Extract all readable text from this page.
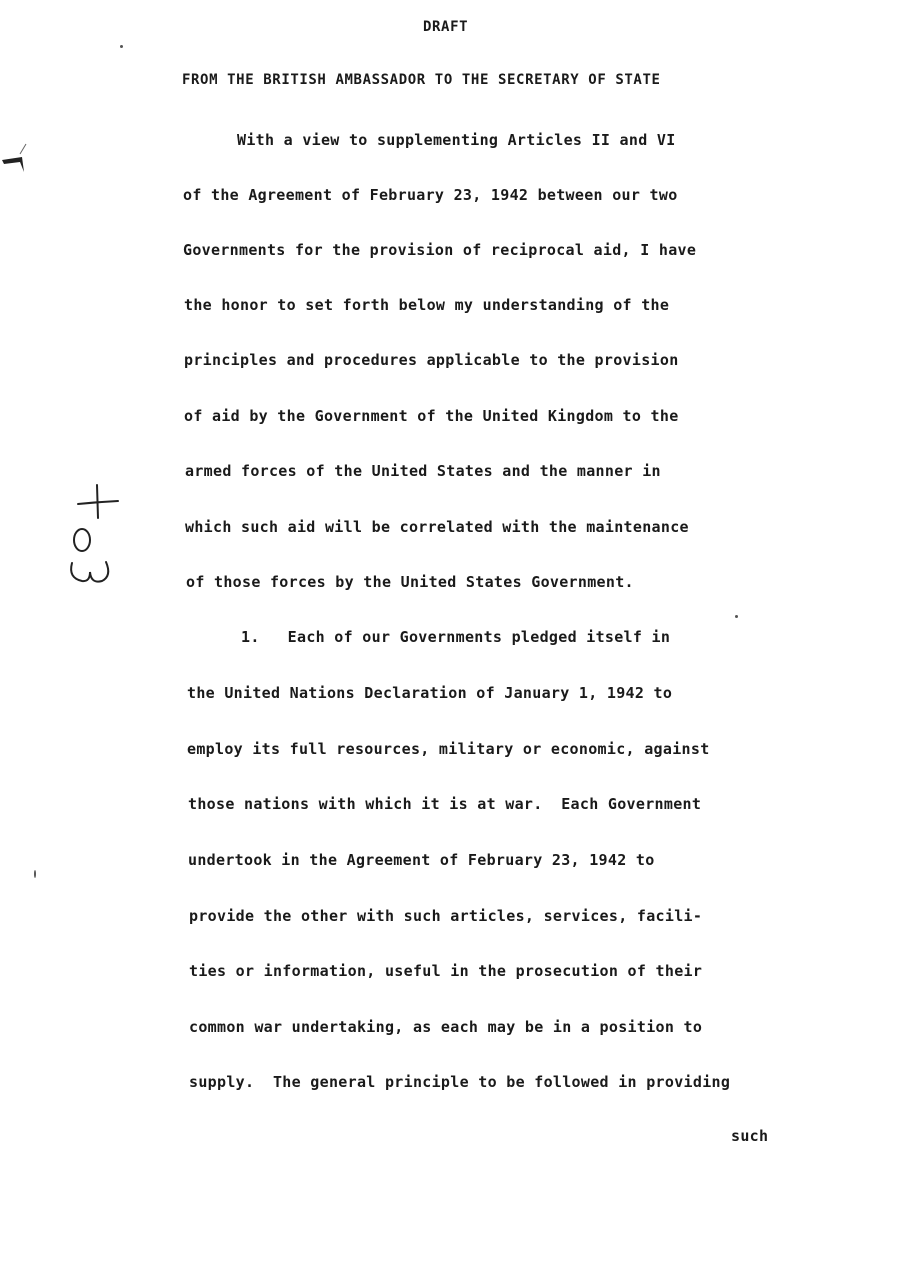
DRAFT
FROM THE BRITISH AMBASSADOR TO THE SECRETARY OF STATE
With a view to supplementing Articles II and VI
of the Agreement of February 23, 1942 between our two
Governments for the provision of reciprocal aid, I have
the honor to set forth below my understanding of the
principles and procedures applicable to the provision
of aid by the Government of the United Kingdom to the
armed forces of the United States and the manner in
which such aid will be correlated with the maintenance
of those forces by the United States Government.
1.   Each of our Governments pledged itself in
the United Nations Declaration of January 1, 1942 to
employ its full resources, military or economic, against
those nations with which it is at war.  Each Government
undertook in the Agreement of February 23, 1942 to
provide the other with such articles, services, facili-
ties or information, useful in the prosecution of their
common war undertaking, as each may be in a position to
supply.  The general principle to be followed in providing
such
